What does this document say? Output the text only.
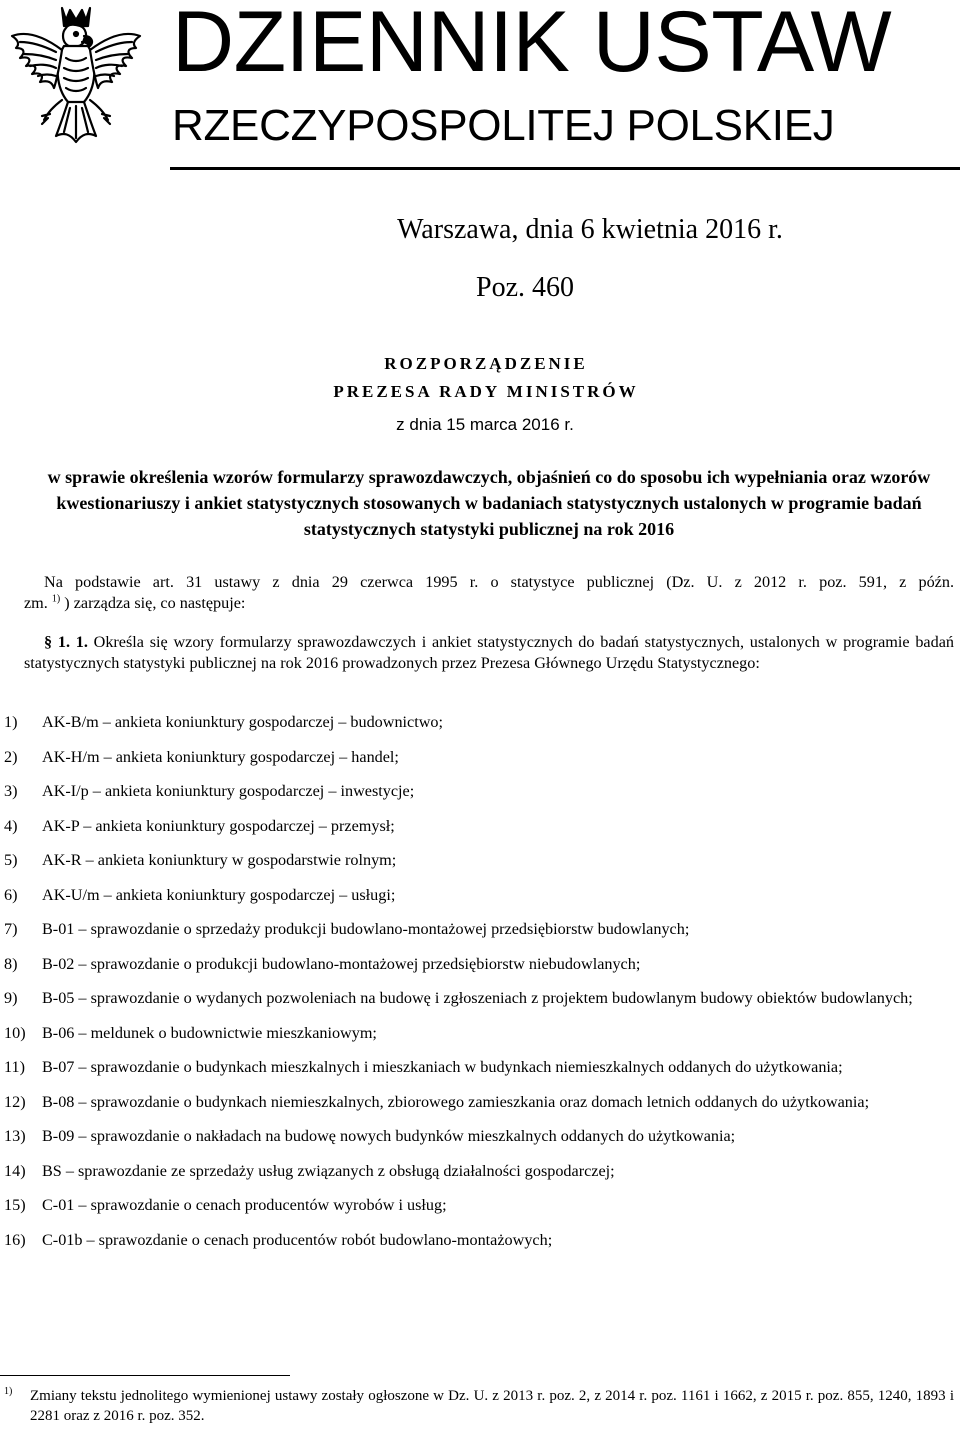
DZIENNIK USTAW
RZECZYPOSPOLITEJ POLSKIEJ
Warszawa, dnia 6 kwietnia 2016 r.
Poz. 460
ROZPORZĄDZENIE
PREZESA RADY MINISTRÓW
z dnia 15 marca 2016 r.

w sprawie określenia wzorów formularzy sprawozdawczych, objaśnień co do sposobu ich wypełniania oraz wzorów kwestionariuszy i ankiet statystycznych stosowanych w badaniach statystycznych ustalonych w programie badań statystycznych statystyki publicznej na rok 2016

Na podstawie art. 31 ustawy z dnia 29 czerwca 1995 r. o statystyce publicznej (Dz. U. z 2012 r. poz. 591, z późn.

zm. $^{1)}$ ) zarządza się, co następuje:

§ 1. 1. Określa się wzory formularzy sprawozdawczych i ankiet statystycznych do badań statystycznych, ustalonych w programie badań statystycznych statystyki publicznej na rok 2016 prowadzonych przez Prezesa Głównego Urzędu Statystycznego:

1)	AK-B/m – ankieta koniunktury gospodarczej – budownictwo;
2)	AK-H/m – ankieta koniunktury gospodarczej – handel;
3)	AK-I/p – ankieta koniunktury gospodarczej – inwestycje;
4)	AK-P – ankieta koniunktury gospodarczej – przemysł;
5)	AK-R – ankieta koniunktury w gospodarstwie rolnym;
6)	AK-U/m – ankieta koniunktury gospodarczej – usługi;
7)	B-01 – sprawozdanie o sprzedaży produkcji budowlano-montażowej przedsiębiorstw budowlanych;
8)	B-02 – sprawozdanie o produkcji budowlano-montażowej przedsiębiorstw niebudowlanych;
9)	B-05 – sprawozdanie o wydanych pozwoleniach na budowę i zgłoszeniach z projektem budowlanym budowy obiektów budowlanych;
10)	B-06 – meldunek o budownictwie mieszkaniowym;
11)	B-07 – sprawozdanie o budynkach mieszkalnych i mieszkaniach w budynkach niemieszkalnych oddanych do użytkowania;
12)	B-08 – sprawozdanie o budynkach niemieszkalnych, zbiorowego zamieszkania oraz domach letnich oddanych do użytkowania;
13)	B-09 – sprawozdanie o nakładach na budowę nowych budynków mieszkalnych oddanych do użytkowania;
14)	BS – sprawozdanie ze sprzedaży usług związanych z obsługą działalności gospodarczej;
15)	C-01 – sprawozdanie o cenach producentów wyrobów i usług;
16)	C-01b – sprawozdanie o cenach producentów robót budowlano-montażowych;
1)	Zmiany tekstu jednolitego wymienionej ustawy zostały ogłoszone w Dz. U. z 2013 r. poz. 2, z 2014 r. poz. 1161 i 1662, z 2015 r. poz. 855, 1240, 1893 i 2281 oraz z 2016 r. poz. 352.
